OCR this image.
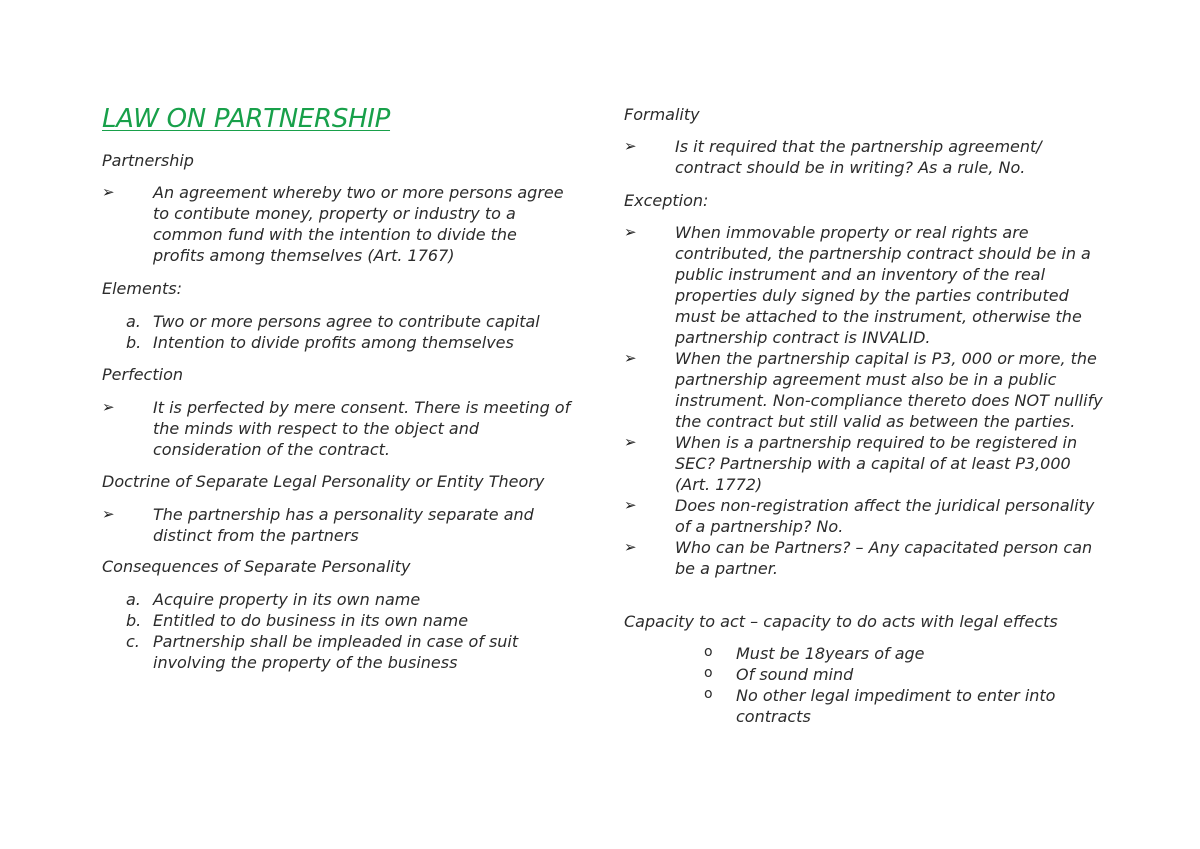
LAW ON PARTNERSHIP
Partnership
➢ An agreement whereby two or more persons agree to contibute money, property or industry to a common fund with the intention to divide the profits among themselves (Art. 1767)
Elements:
a. Two or more persons agree to contribute capital
b. Intention to divide profits among themselves
Perfection
➢ It is perfected by mere consent. There is meeting of the minds with respect to the object and consideration of the contract.
Doctrine of Separate Legal Personality or Entity Theory
➢ The partnership has a personality separate and distinct from the partners
Consequences of Separate Personality
a. Acquire property in its own name
b. Entitled to do business in its own name
c. Partnership shall be impleaded in case of suit involving the property of the business
Formality
➢ Is it required that the partnership agreement/ contract should be in writing? As a rule, No.
Exception:
➢ When immovable property or real rights are contributed, the partnership contract should be in a public instrument and an inventory of the real properties duly signed by the parties contributed must be attached to the instrument, otherwise the partnership contract is INVALID.
➢ When the partnership capital is P3, 000 or more, the partnership agreement must also be in a public instrument. Non-compliance thereto does NOT nullify the contract but still valid as between the parties.
➢ When is a partnership required to be registered in SEC? Partnership with a capital of at least P3,000 (Art. 1772)
➢ Does non-registration affect the juridical personality of a partnership? No.
➢ Who can be Partners? – Any capacitated person can be a partner.
Capacity to act – capacity to do acts with legal effects
o Must be 18years of age
o Of sound mind
o No other legal impediment to enter into contracts
